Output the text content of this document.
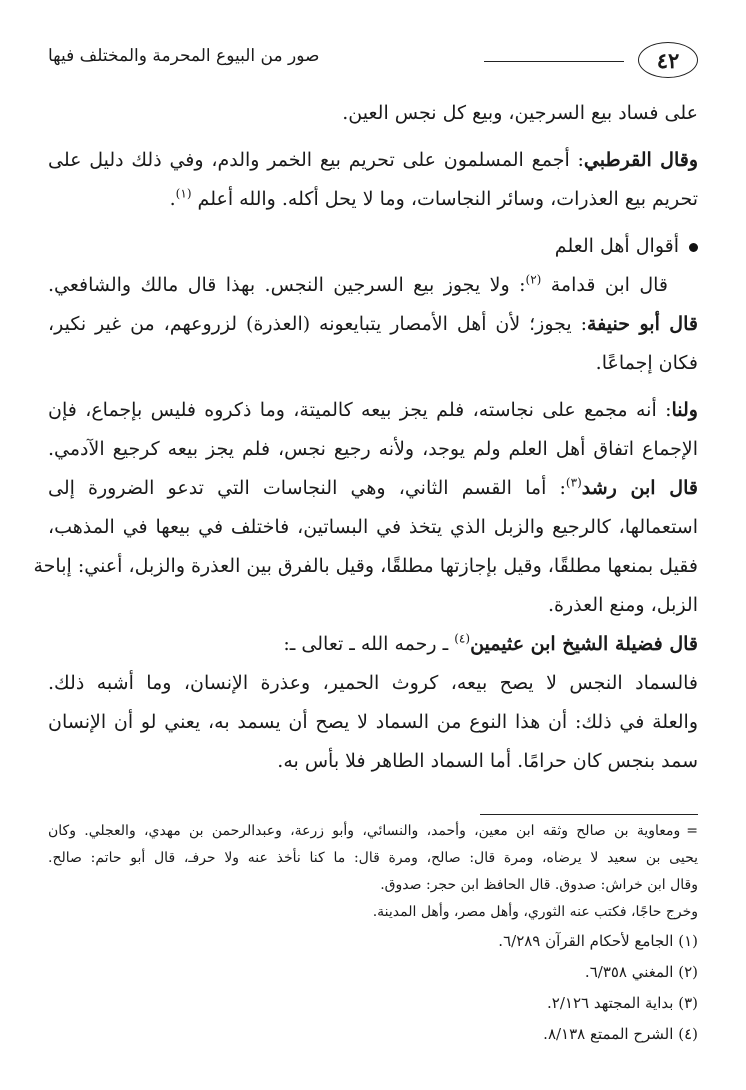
٤٢
صور من البيوع المحرمة والمختلف فيها
على فساد بيع السرجين، وبيع كل نجس العين.
وقال القرطبي: أجمع المسلمون على تحريم بيع الخمر والدم، وفي ذلك دليل على
تحريم بيع العذرات، وسائر النجاسات، وما لا يحل أكله. والله أعلم $^{(١)}$.
أقوال أهل العلم
قال ابن قدامة $^{(٢)}$: ولا يجوز بيع السرجين النجس. بهذا قال مالك والشافعي.
قال أبو حنيفة: يجوز؛ لأن أهل الأمصار يتبايعونه (العذرة) لزروعهم، من غير نكير،
فكان إجماعًا.
ولنا: أنه مجمع على نجاسته، فلم يجز بيعه كالميتة، وما ذكروه فليس بإجماع، فإن
الإجماع اتفاق أهل العلم ولم يوجد، ولأنه رجيع نجس، فلم يجز بيعه كرجيع الآدمي.
قال ابن رشد$^{(٣)}$: أما القسم الثاني، وهي النجاسات التي تدعو الضرورة إلى
استعمالها، كالرجيع والزبل الذي يتخذ في البساتين، فاختلف في بيعها في المذهب،
فقيل بمنعها مطلقًا، وقيل بإجازتها مطلقًا، وقيل بالفرق بين العذرة والزبل، أعني: إباحة
الزبل، ومنع العذرة.
قال فضيلة الشيخ ابن عثيمين$^{(٤)}$ ـ رحمه الله ـ تعالى ـ:
فالسماد النجس لا يصح بيعه، كروث الحمير، وعذرة الإنسان، وما أشبه ذلك.
والعلة في ذلك: أن هذا النوع من السماد لا يصح أن يسمد به، يعني لو أن الإنسان
سمد بنجس كان حرامًا. أما السماد الطاهر فلا بأس به.
=ومعاوية بن صالح وثقه ابن معين، وأحمد، والنسائي، وأبو زرعة، وعبدالرحمن بن مهدي، والعجلي. وكان
يحيى بن سعيد لا يرضاه، ومرة قال: صالح، ومرة قال: ما كنا نأخذ عنه ولا حرفـ، قال أبو حاتم: صالح.
وقال ابن خراش: صدوق. قال الحافظ ابن حجر: صدوق.
وخرج حاجًا، فكتب عنه الثوري، وأهل مصر، وأهل المدينة.
(١) الجامع لأحكام القرآن ٦/٢٨٩.
(٢) المغني ٦/٣٥٨.
(٣) بداية المجتهد ٢/١٢٦.
(٤) الشرح الممتع ٨/١٣٨.
